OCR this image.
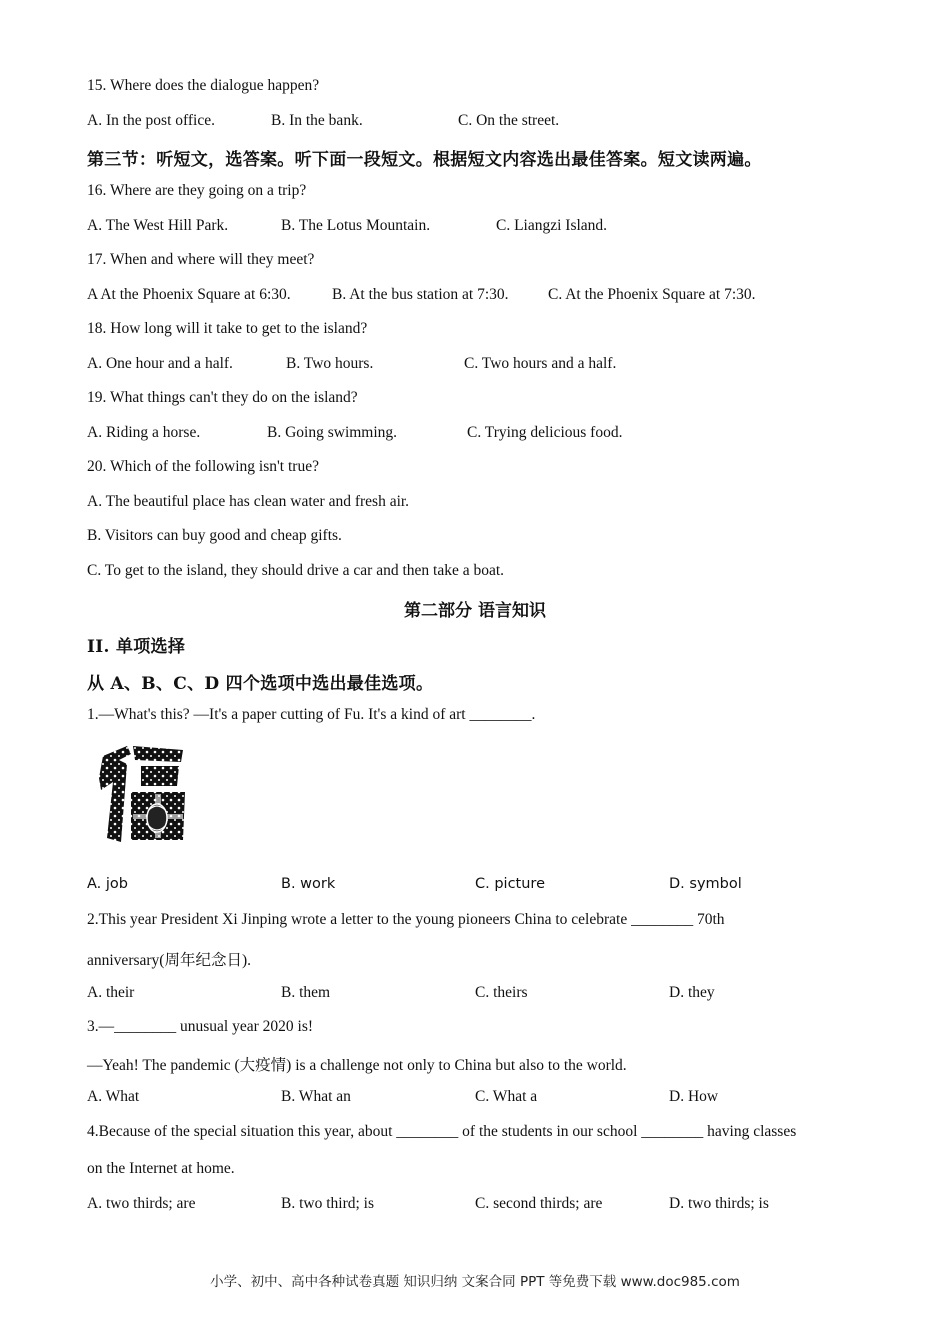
15. Where does the dialogue happen?
A. In the post office.	B. In the bank.	C. On the street.
第三节：听短文，选答案。听下面一段短文。根据短文内容选出最佳答案。短文读两遍。
16. Where are they going on a trip?
A. The West Hill Park.	B. The Lotus Mountain.	C. Liangzi Island.
17. When and where will they meet?
A At the Phoenix Square at 6:30.	B. At the bus station at 7:30.	C. At the Phoenix Square at 7:30.
18. How long will it take to get to the island?
A. One hour and a half.	B. Two hours.	C. Two hours and a half.
19. What things can't they do on the island?
A. Riding a horse.	B. Going swimming.	C. Trying delicious food.
20. Which of the following isn't true?
A. The beautiful place has clean water and fresh air.
B. Visitors can buy good and cheap gifts.
C. To get to the island, they should drive a car and then take a boat.
第二部分 语言知识
II. 单项选择
从 A、B、C、D 四个选项中选出最佳选项。
1.—What's this? —It's a paper cutting of Fu. It's a kind of art ________.
A. job	B. work	C. picture	D. symbol
2.This year President Xi Jinping wrote a letter to the young pioneers China to celebrate ________ 70th
anniversary(周年纪念日).
A. their	B. them	C. theirs	D. they
3.—________ unusual year 2020 is!
—Yeah! The pandemic (大疫情) is a challenge not only to China but also to the world.
A. What	B. What an	C. What a	D. How
4.Because of the special situation this year, about ________ of the students in our school ________ having classes
on the Internet at home.
A. two thirds; are	B. two third; is	C. second thirds; are	D. two thirds; is
小学、初中、高中各种试卷真题 知识归纳 文案合同 PPT 等免费下载 www.doc985.com
